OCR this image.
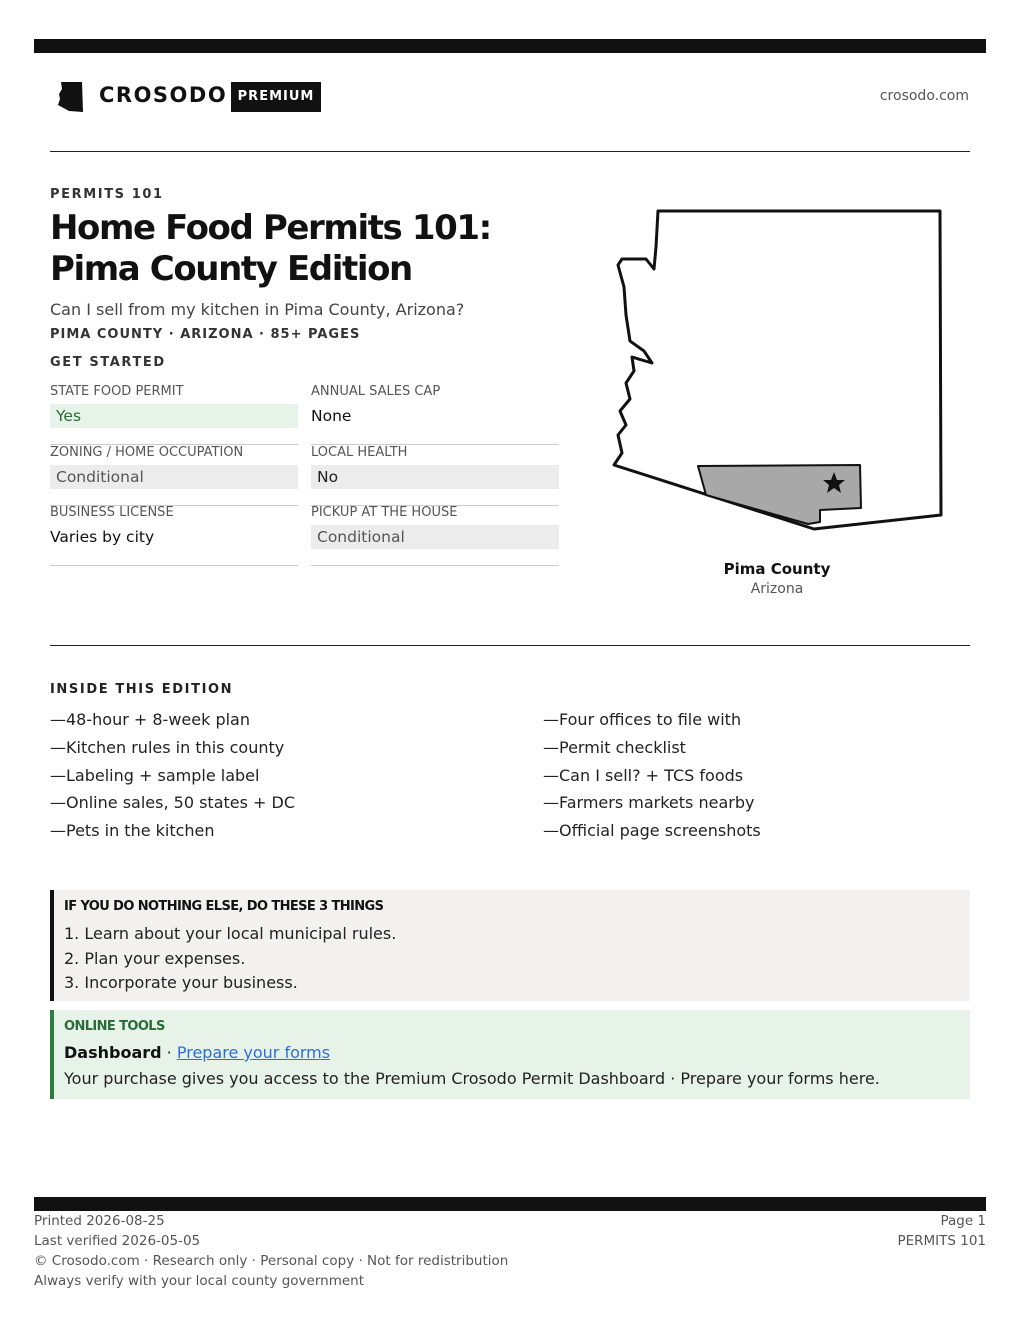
CROSODO PREMIUM	crosodo.com
PERMITS 101
Home Food Permits 101: Pima County Edition
Can I sell from my kitchen in Pima County, Arizona?
PIMA COUNTY · ARIZONA · 85+ PAGES
GET STARTED
STATE FOOD PERMIT
Yes
ANNUAL SALES CAP
None
ZONING / HOME OCCUPATION
Conditional
LOCAL HEALTH
No
BUSINESS LICENSE
Varies by city
PICKUP AT THE HOUSE
Conditional
Pima County
Arizona
INSIDE THIS EDITION
—48-hour + 8-week plan
—Kitchen rules in this county
—Labeling + sample label
—Online sales, 50 states + DC
—Pets in the kitchen
—Four offices to file with
—Permit checklist
—Can I sell? + TCS foods
—Farmers markets nearby
—Official page screenshots
IF YOU DO NOTHING ELSE, DO THESE 3 THINGS
1. Learn about your local municipal rules.
2. Plan your expenses.
3. Incorporate your business.
ONLINE TOOLS
Dashboard · Prepare your forms
Your purchase gives you access to the Premium Crosodo Permit Dashboard · Prepare your forms here.
Printed 2026-08-25
Last verified 2026-05-05
© Crosodo.com · Research only · Personal copy · Not for redistribution
Always verify with your local county government
Page 1
PERMITS 101
